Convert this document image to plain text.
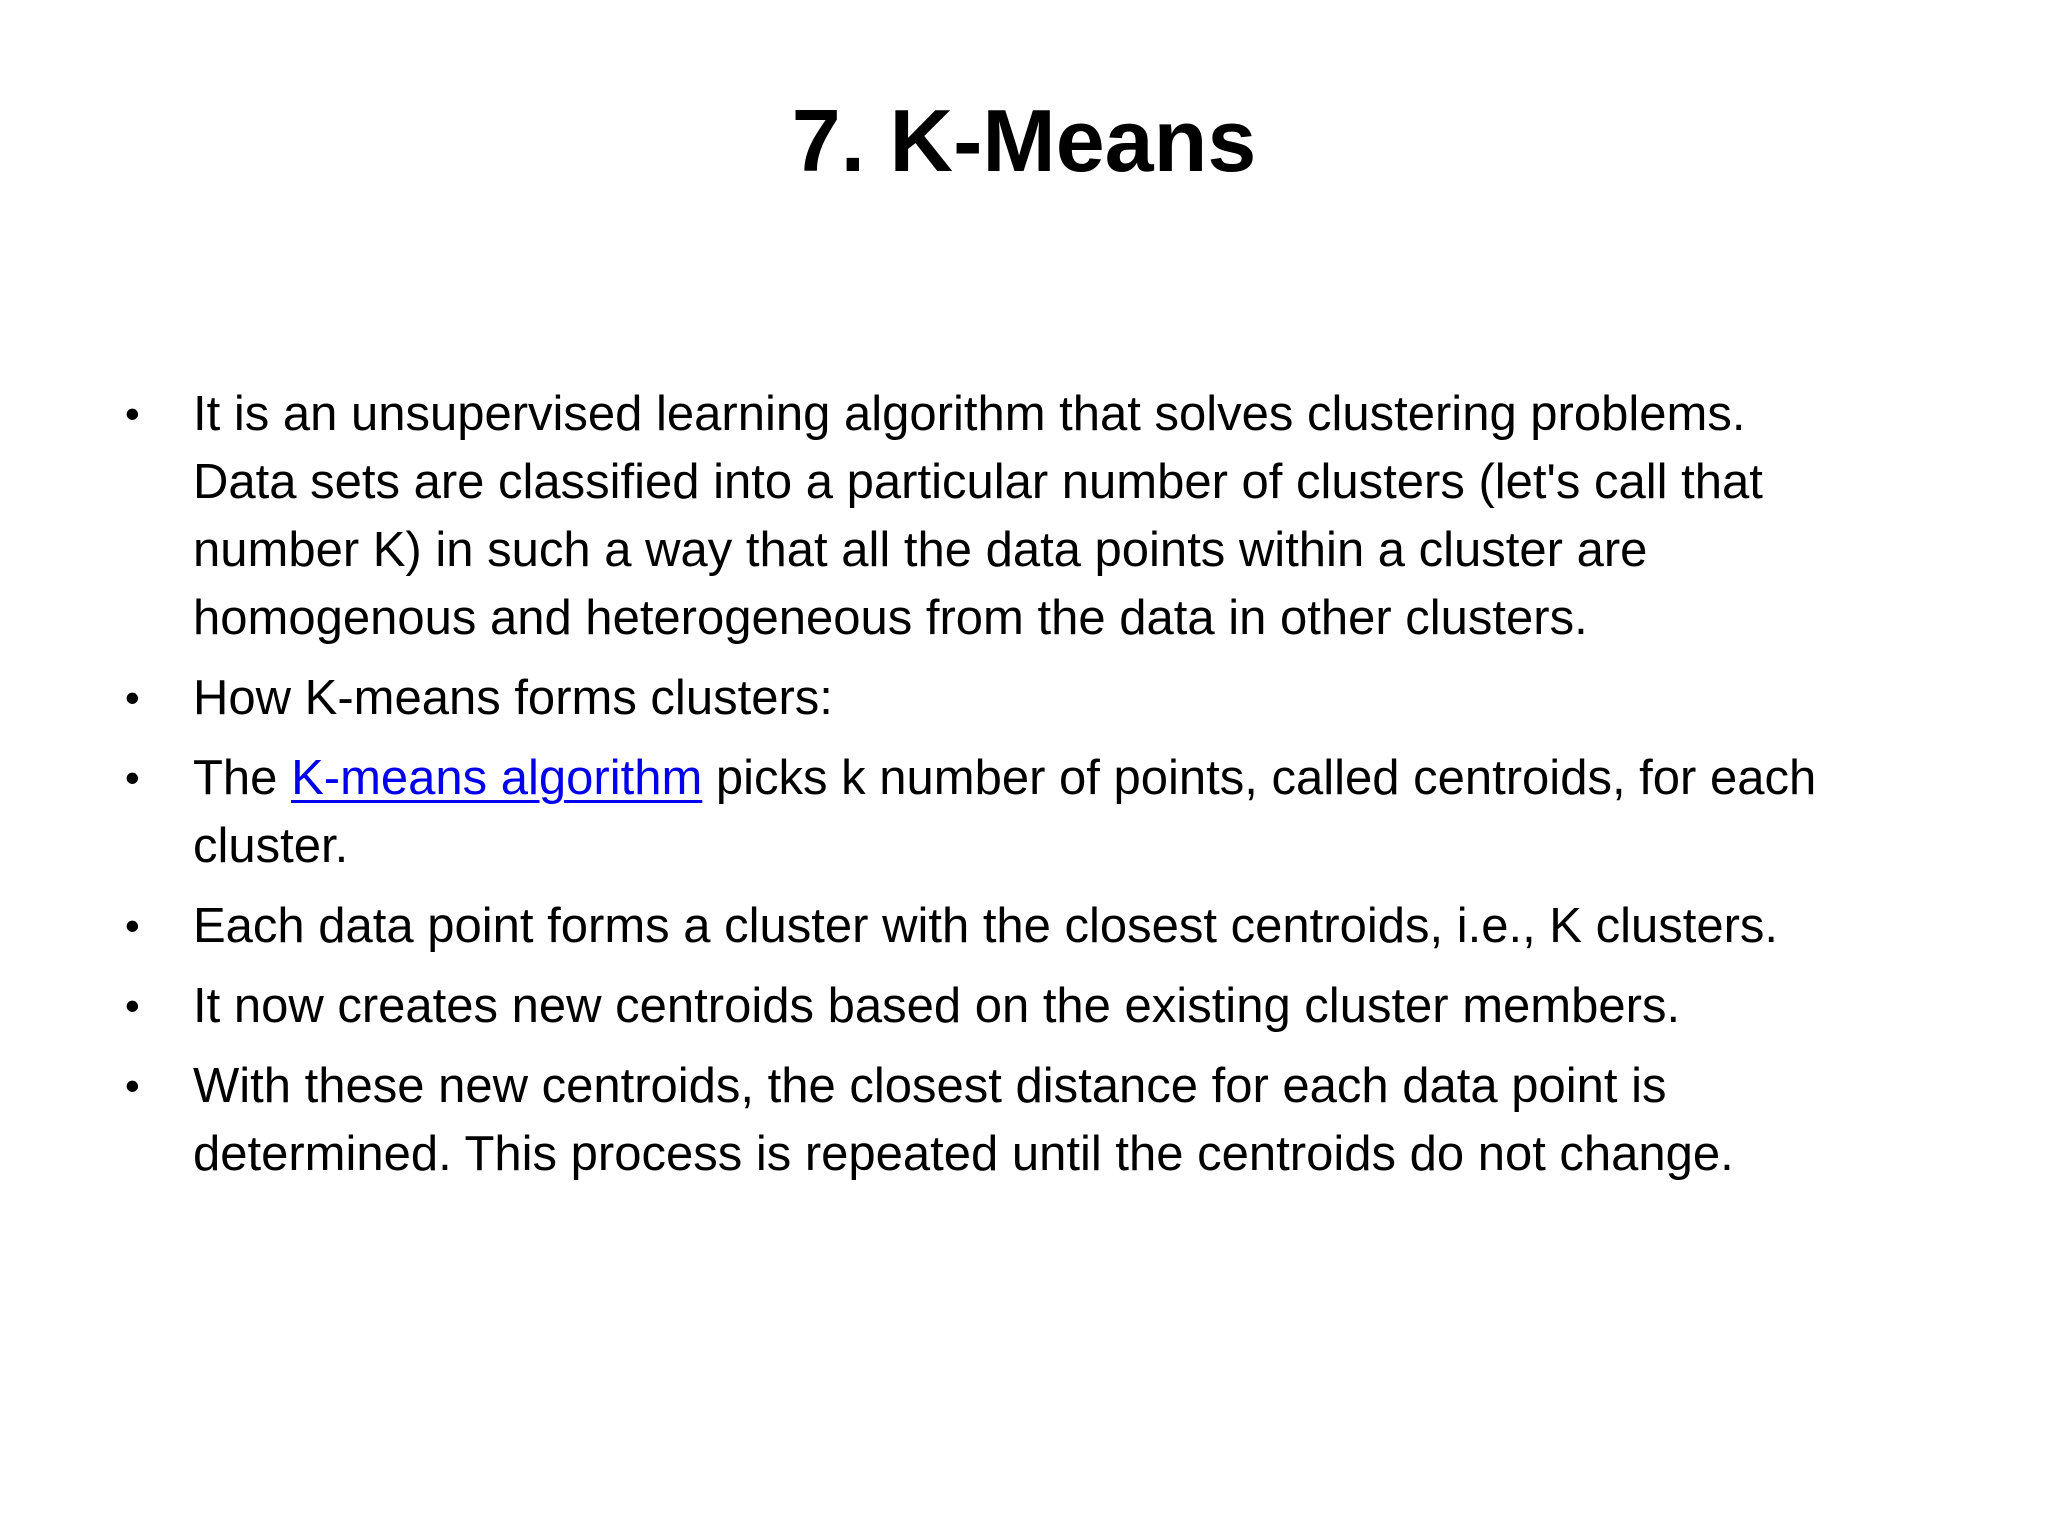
7. K-Means
• It is an unsupervised learning algorithm that solves clustering problems.
Data sets are classified into a particular number of clusters (let's call that
number K) in such a way that all the data points within a cluster are
homogenous and heterogeneous from the data in other clusters.
• How K-means forms clusters:
• The K-means algorithm picks k number of points, called centroids, for each
cluster.
• Each data point forms a cluster with the closest centroids, i.e., K clusters.
• It now creates new centroids based on the existing cluster members.
• With these new centroids, the closest distance for each data point is
determined. This process is repeated until the centroids do not change.
